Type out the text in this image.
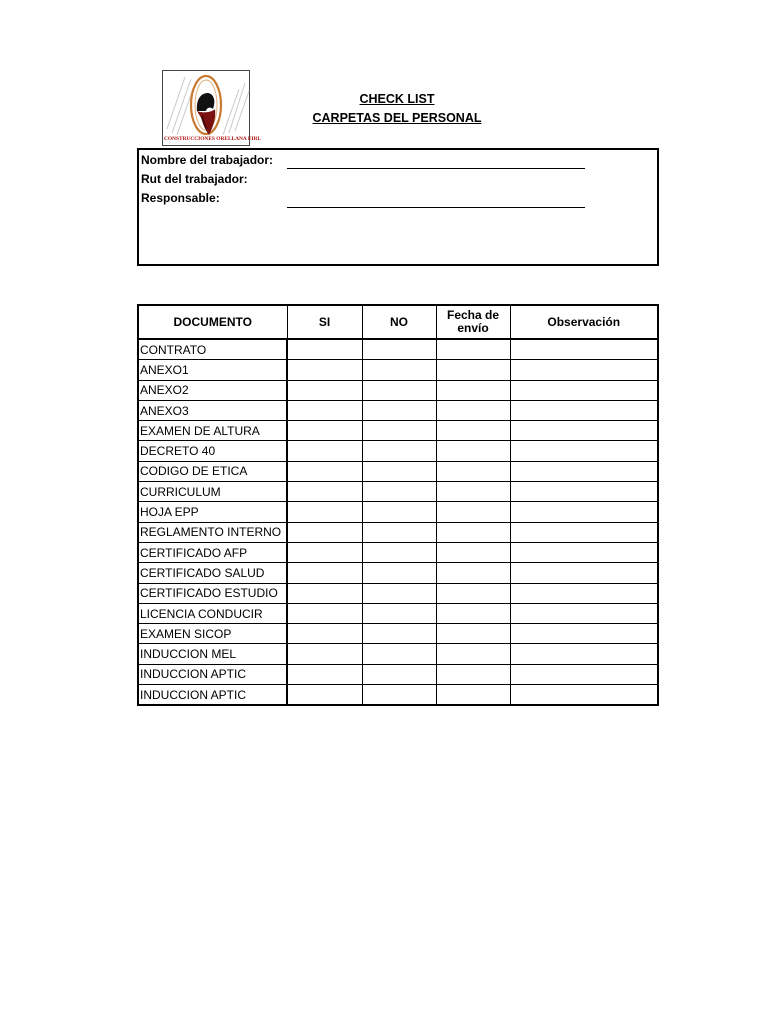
CONSTRUCCIONES ORELLANA EIRL
CHECK LIST
CARPETAS DEL PERSONAL
Nombre del trabajador:
Rut del trabajador:
Responsable:
DOCUMENTO	SI	NO	Fecha de envío	Observación
CONTRATO				
ANEXO1				
ANEXO2				
ANEXO3				
EXAMEN DE ALTURA				
DECRETO 40				
CODIGO DE ETICA				
CURRICULUM				
HOJA EPP				
REGLAMENTO INTERNO				
CERTIFICADO AFP				
CERTIFICADO SALUD				
CERTIFICADO ESTUDIO				
LICENCIA CONDUCIR				
EXAMEN SICOP				
INDUCCION MEL				
INDUCCION APTIC				
INDUCCION APTIC				
